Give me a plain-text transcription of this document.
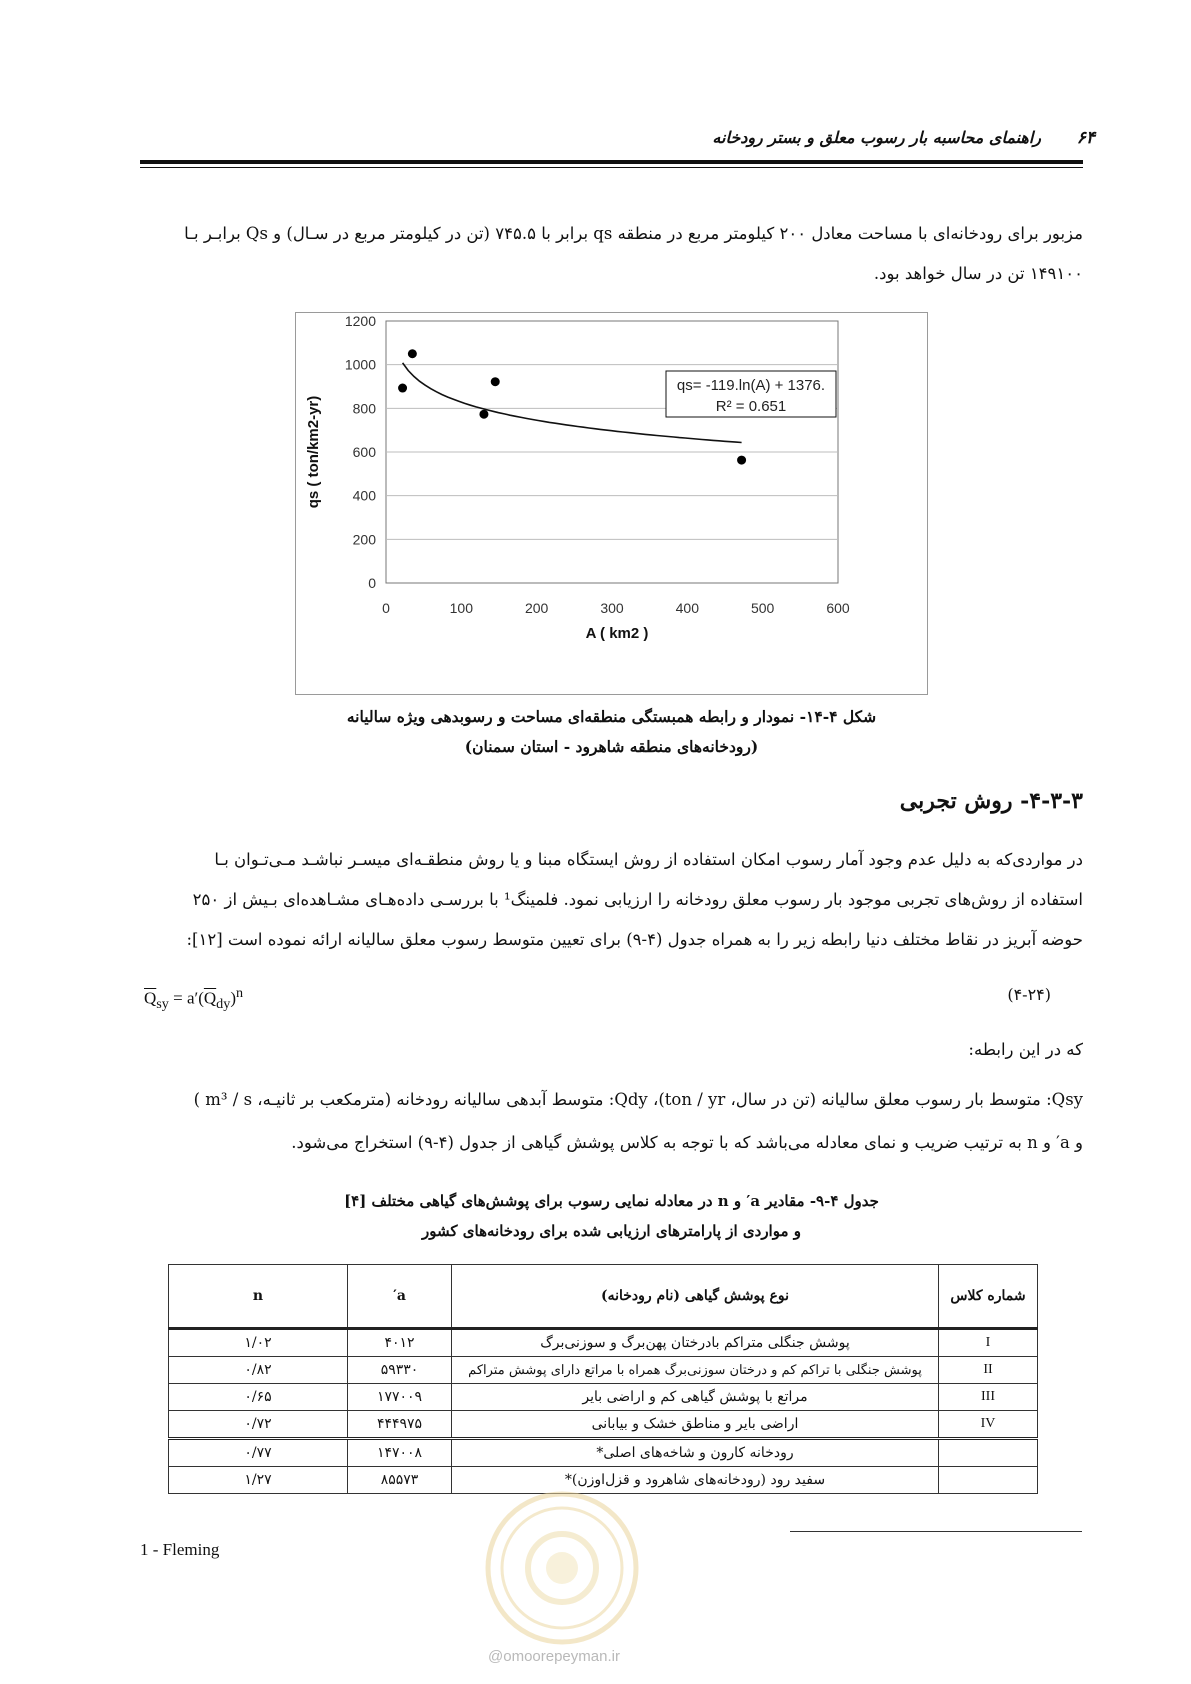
راهنمای محاسبه بار رسوب معلق و بستر رودخانه	۶۴
مزبور برای رودخانه‌ای با مساحت معادل ۲۰۰ کیلومتر مربع در منطقه qs برابر با ۷۴۵.۵ (تن در کیلومتر مربع در سـال) و Qs برابـر بـا
۱۴۹۱۰۰ تن در سال خواهد بود.
0
200
400
600
800
1000
1200
0	100	200	300	400	500	600
A ( km2 )
qs ( ton/km2-yr)
qs= -119.ln(A) + 1376.
R² = 0.651
شکل ۴-۱۴- نمودار و رابطه همبستگی منطقه‌ای مساحت و رسوبدهی ویژه سالیانه
(رودخانه‌های منطقه شاهرود - استان سمنان)
۴-۳-۳- روش تجربی
در مواردی‌که به دلیل عدم وجود آمار رسوب امکان استفاده از روش ایستگاه مبنا و یا روش منطقـه‌ای میسـر نباشـد مـی‌تـوان بـا
استفاده از روش‌های تجربی موجود بار رسوب معلق رودخانه را ارزیابی نمود. فلمینگ¹ با بررسـی داده‌هـای مشـاهده‌ای بـیش از ۲۵۰
حوضه آبریز در نقاط مختلف دنیا رابطه زیر را به همراه جدول (۴-۹) برای تعیین متوسط رسوب معلق سالیانه ارائه نموده است [۱۲]:
$\overline{Q}_{sy} = a'(\overline{Q}_{dy})^n$	(۴-۲۴)
که در این رابطه:
Qsy: متوسط بار رسوب معلق سالیانه (تن در سال، ton / yr)، Qdy: متوسط آبدهی سالیانه رودخانه (مترمکعب بر ثانیـه، m³ / s )
و a′ و n به ترتیب ضریب و نمای معادله می‌باشد که با توجه به کلاس پوشش گیاهی از جدول (۴-۹) استخراج می‌شود.
جدول ۴-۹- مقادیر a′ و n در معادله نمایی رسوب برای پوشش‌های گیاهی مختلف [۴]
و مواردی از پارامترهای ارزیابی شده برای رودخانه‌های کشور
شماره کلاس	نوع پوشش گیاهی (نام رودخانه)	a′	n
I	پوشش جنگلی متراکم بادرختان پهن‌برگ و سوزنی‌برگ	۴۰۱۲	۱/۰۲
II	پوشش جنگلی با تراکم کم و درختان سوزنی‌برگ همراه با مراتع دارای پوشش متراکم	۵۹۳۳۰	۰/۸۲
III	مراتع با پوشش گیاهی کم و اراضی بایر	۱۷۷۰۰۹	۰/۶۵
IV	اراضی بایر و مناطق خشک و بیابانی	۴۴۴۹۷۵	۰/۷۲
	رودخانه کارون و شاخه‌های اصلی*	۱۴۷۰۰۸	۰/۷۷
	سفید رود (رودخانه‌های شاهرود و قزل‌اوزن)*	۸۵۵۷۳	۱/۲۷
1 - Fleming
@omoorepeyman.ir
